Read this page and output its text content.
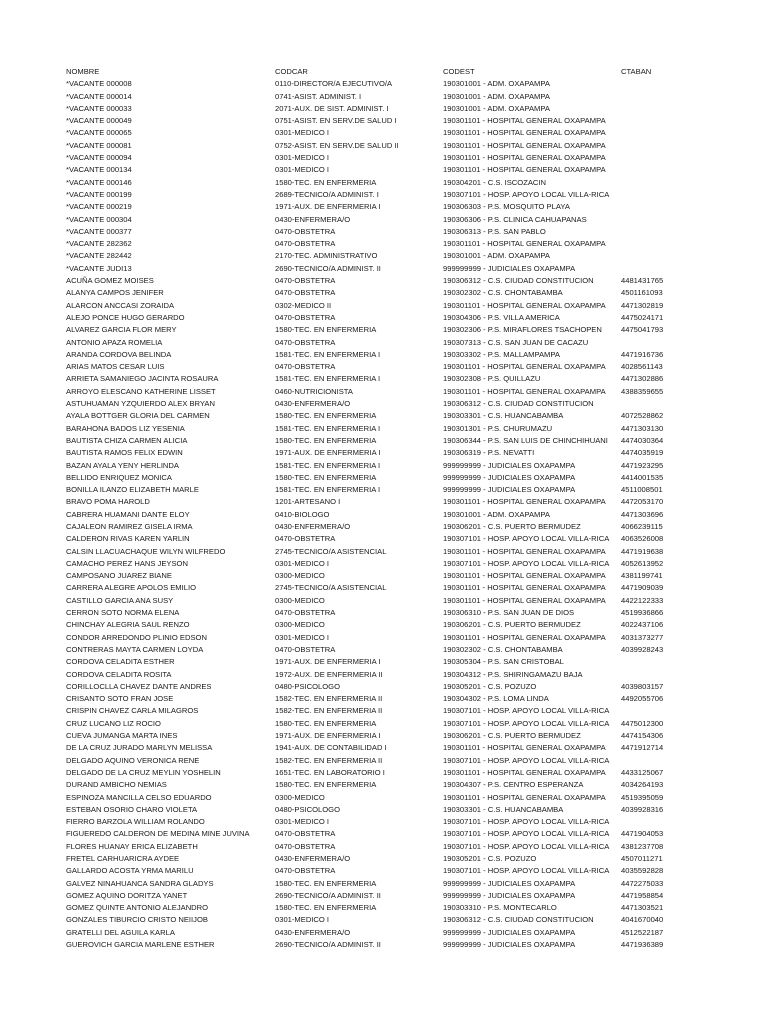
NOMBRE	CODCAR	CODEST	CTABAN
*VACANTE 000008	0110-DIRECTOR/A EJECUTIVO/A	190301001 - ADM. OXAPAMPA
*VACANTE 000014	0741-ASIST. ADMINIST. I	190301001 - ADM. OXAPAMPA
*VACANTE 000033	2071-AUX. DE SIST. ADMINIST. I	190301001 - ADM. OXAPAMPA
*VACANTE 000049	0751-ASIST. EN SERV.DE SALUD I	190301101 - HOSPITAL GENERAL OXAPAMPA
*VACANTE 000065	0301-MEDICO I	190301101 - HOSPITAL GENERAL OXAPAMPA
*VACANTE 000081	0752-ASIST. EN SERV.DE SALUD II	190301101 - HOSPITAL GENERAL OXAPAMPA
*VACANTE 000094	0301-MEDICO I	190301101 - HOSPITAL GENERAL OXAPAMPA
*VACANTE 000134	0301-MEDICO I	190301101 - HOSPITAL GENERAL OXAPAMPA
*VACANTE 000146	1580-TEC. EN ENFERMERIA	190304201 - C.S. ISCOZACIN
*VACANTE 000199	2689-TECNICO/A ADMINIST. I	190307101 - HOSP. APOYO LOCAL VILLA-RICA
*VACANTE 000219	1971-AUX. DE ENFERMERIA I	190306303 - P.S. MOSQUITO PLAYA
*VACANTE 000304	0430-ENFERMERA/O	190306306 - P.S. CLINICA CAHUAPANAS
*VACANTE 000377	0470-OBSTETRA	190306313 - P.S. SAN PABLO
*VACANTE 282362	0470-OBSTETRA	190301101 - HOSPITAL GENERAL OXAPAMPA
*VACANTE 282442	2170-TEC. ADMINISTRATIVO	190301001 - ADM. OXAPAMPA
*VACANTE JUDI13	2690-TECNICO/A ADMINIST. II	999999999 - JUDICIALES OXAPAMPA
ACUÑA GOMEZ MOISES	0470-OBSTETRA	190306312 - C.S. CIUDAD CONSTITUCION	4481431765
ALANYA CAMPOS JENIFER	0470-OBSTETRA	190302302 - C.S. CHONTABAMBA	4501161093
ALARCON ANCCASI ZORAIDA	0302-MEDICO II	190301101 - HOSPITAL GENERAL OXAPAMPA	4471302819
ALEJO PONCE HUGO GERARDO	0470-OBSTETRA	190304306 - P.S. VILLA AMERICA	4475024171
ALVAREZ GARCIA FLOR MERY	1580-TEC. EN ENFERMERIA	190302306 - P.S. MIRAFLORES TSACHOPEN	4475041793
ANTONIO APAZA ROMELIA	0470-OBSTETRA	190307313 - C.S. SAN JUAN DE CACAZU
ARANDA CORDOVA BELINDA	1581-TEC. EN ENFERMERIA I	190303302 - P.S. MALLAMPAMPA	4471916736
ARIAS MATOS CESAR LUIS	0470-OBSTETRA	190301101 - HOSPITAL GENERAL OXAPAMPA	4028561143
ARRIETA SAMANIEGO JACINTA ROSAURA	1581-TEC. EN ENFERMERIA I	190302308 - P.S. QUILLAZU	4471302886
ARROYO ELESCANO KATHERINE LISSET	0460-NUTRICIONISTA	190301101 - HOSPITAL GENERAL OXAPAMPA	4388359655
ASTUHUAMAN YZQUIERDO ALEX BRYAN	0430-ENFERMERA/O	190306312 - C.S. CIUDAD CONSTITUCION
AYALA BOTTGER GLORIA DEL CARMEN	1580-TEC. EN ENFERMERIA	190303301 - C.S. HUANCABAMBA	4072528862
BARAHONA BADOS LIZ YESENIA	1581-TEC. EN ENFERMERIA I	190301301 - P.S. CHURUMAZU	4471303130
BAUTISTA CHIZA CARMEN ALICIA	1580-TEC. EN ENFERMERIA	190306344 - P.S. SAN LUIS DE CHINCHIHUANI	4474030364
BAUTISTA RAMOS FELIX EDWIN	1971-AUX. DE ENFERMERIA I	190306319 - P.S. NEVATTI	4474035919
BAZAN AYALA YENY HERLINDA	1581-TEC. EN ENFERMERIA I	999999999 - JUDICIALES OXAPAMPA	4471923295
BELLIDO ENRIQUEZ MONICA	1580-TEC. EN ENFERMERIA	999999999 - JUDICIALES OXAPAMPA	4414001535
BONILLA ILANZO ELIZABETH MARLE	1581-TEC. EN ENFERMERIA I	999999999 - JUDICIALES OXAPAMPA	4511008501
BRAVO POMA HAROLD	1201-ARTESANO I	190301101 - HOSPITAL GENERAL OXAPAMPA	4472053170
CABRERA HUAMANI DANTE ELOY	0410-BIOLOGO	190301001 - ADM. OXAPAMPA	4471303696
CAJALEON RAMIREZ GISELA IRMA	0430-ENFERMERA/O	190306201 - C.S. PUERTO BERMUDEZ	4066239115
CALDERON RIVAS KAREN YARLIN	0470-OBSTETRA	190307101 - HOSP. APOYO LOCAL VILLA-RICA	4063526008
CALSIN LLACUACHAQUE WILYN WILFREDO	2745-TECNICO/A ASISTENCIAL	190301101 - HOSPITAL GENERAL OXAPAMPA	4471919638
CAMACHO PEREZ HANS JEYSON	0301-MEDICO I	190307101 - HOSP. APOYO LOCAL VILLA-RICA	4052613952
CAMPOSANO JUAREZ BIANE	0300-MEDICO	190301101 - HOSPITAL GENERAL OXAPAMPA	4381199741
CARRERA ALEGRE APOLOS EMILIO	2745-TECNICO/A ASISTENCIAL	190301101 - HOSPITAL GENERAL OXAPAMPA	4471909039
CASTILLO GARCIA ANA SUSY	0300-MEDICO	190301101 - HOSPITAL GENERAL OXAPAMPA	4422122333
CERRON SOTO NORMA ELENA	0470-OBSTETRA	190306310 - P.S. SAN JUAN DE DIOS	4519936866
CHINCHAY ALEGRIA SAUL RENZO	0300-MEDICO	190306201 - C.S. PUERTO BERMUDEZ	4022437106
CONDOR ARREDONDO PLINIO EDSON	0301-MEDICO I	190301101 - HOSPITAL GENERAL OXAPAMPA	4031373277
CONTRERAS MAYTA CARMEN LOYDA	0470-OBSTETRA	190302302 - C.S. CHONTABAMBA	4039928243
CORDOVA CELADITA ESTHER	1971-AUX. DE ENFERMERIA I	190305304 - P.S. SAN CRISTOBAL
CORDOVA CELADITA ROSITA	1972-AUX. DE ENFERMERIA II	190304312 - P.S. SHIRINGAMAZU BAJA
CORILLOCLLA CHAVEZ DANTE ANDRES	0480-PSICOLOGO	190305201 - C.S. POZUZO	4039803157
CRISANTO SOTO FRAN JOSE	1582-TEC. EN ENFERMERIA II	190304302 - P.S. LOMA LINDA	4492055706
CRISPIN CHAVEZ CARLA MILAGROS	1582-TEC. EN ENFERMERIA II	190307101 - HOSP. APOYO LOCAL VILLA-RICA
CRUZ LUCANO LIZ ROCIO	1580-TEC. EN ENFERMERIA	190307101 - HOSP. APOYO LOCAL VILLA-RICA	4475012300
CUEVA JUMANGA MARTA INES	1971-AUX. DE ENFERMERIA I	190306201 - C.S. PUERTO BERMUDEZ	4474154306
DE LA CRUZ JURADO MARLYN MELISSA	1941-AUX. DE CONTABILIDAD I	190301101 - HOSPITAL GENERAL OXAPAMPA	4471912714
DELGADO AQUINO VERONICA RENE	1582-TEC. EN ENFERMERIA II	190307101 - HOSP. APOYO LOCAL VILLA-RICA
DELGADO DE LA CRUZ MEYLIN YOSHELIN	1651-TEC. EN LABORATORIO I	190301101 - HOSPITAL GENERAL OXAPAMPA	4433125067
DURAND AMBICHO NEMIAS	1580-TEC. EN ENFERMERIA	190304307 - P.S. CENTRO ESPERANZA	4034264193
ESPINOZA MANCILLA CELSO EDUARDO	0300-MEDICO	190301101 - HOSPITAL GENERAL OXAPAMPA	4519395059
ESTEBAN OSORIO CHARO VIOLETA	0480-PSICOLOGO	190303301 - C.S. HUANCABAMBA	4039928316
FIERRO BARZOLA WILLIAM ROLANDO	0301-MEDICO I	190307101 - HOSP. APOYO LOCAL VILLA-RICA
FIGUEREDO CALDERON DE MEDINA MINE JUVINA	0470-OBSTETRA	190307101 - HOSP. APOYO LOCAL VILLA-RICA	4471904053
FLORES HUANAY ERICA ELIZABETH	0470-OBSTETRA	190307101 - HOSP. APOYO LOCAL VILLA-RICA	4381237708
FRETEL CARHUARICRA AYDEE	0430-ENFERMERA/O	190305201 - C.S. POZUZO	4507011271
GALLARDO ACOSTA YRMA MARILU	0470-OBSTETRA	190307101 - HOSP. APOYO LOCAL VILLA-RICA	4035592828
GALVEZ NINAHUANCA SANDRA GLADYS	1580-TEC. EN ENFERMERIA	999999999 - JUDICIALES OXAPAMPA	4472275033
GOMEZ AQUINO DORITZA YANET	2690-TECNICO/A ADMINIST. II	999999999 - JUDICIALES OXAPAMPA	4471958854
GOMEZ QUINTE ANTONIO ALEJANDRO	1580-TEC. EN ENFERMERIA	190303310 - P.S. MONTECARLO	4471303521
GONZALES TIBURCIO CRISTO NEIIJOB	0301-MEDICO I	190306312 - C.S. CIUDAD CONSTITUCION	4041670040
GRATELLI DEL AGUILA KARLA	0430-ENFERMERA/O	999999999 - JUDICIALES OXAPAMPA	4512522187
GUEROVICH GARCIA MARLENE ESTHER	2690-TECNICO/A ADMINIST. II	999999999 - JUDICIALES OXAPAMPA	4471936389
